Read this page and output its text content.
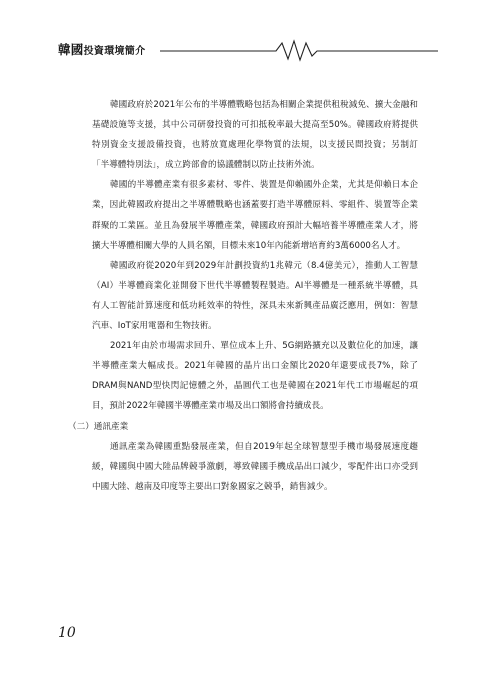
韓國投資環境簡介

韓國政府於2021年公布的半導體戰略包括為相關企業提供租稅減免、擴大金融和基礎設施等支援，其中公司研發投資的可扣抵稅率最大提高至50%。韓國政府將提供特別資金支援設備投資，也將放寬處理化學物質的法規，以支援民間投資；另制訂「半導體特別法」，成立跨部會的協議體制以防止技術外流。

韓國的半導體產業有很多素材、零件、裝置是仰賴國外企業，尤其是仰賴日本企業，因此韓國政府提出之半導體戰略也涵蓋要打造半導體原料、零組件、裝置等企業群聚的工業區。並且為發展半導體產業，韓國政府預計大幅培養半導體產業人才，將擴大半導體相關大學的人員名額，目標未來10年內能新增培育約3萬6000名人才。

韓國政府從2020年到2029年計劃投資約1兆韓元（8.4億美元），推動人工智慧（AI）半導體商業化並開發下世代半導體製程製造。AI半導體是一種系統半導體，具有人工智能計算速度和低功耗效率的特性，深具未來新興產品廣泛應用，例如：智慧汽車、IoT家用電器和生物技術。

2021年由於市場需求回升、單位成本上升、5G網路擴充以及數位化的加速，讓半導體產業大幅成長。2021年韓國的晶片出口金額比2020年還要成長7%，除了DRAM與NAND型快閃記憶體之外，晶圓代工也是韓國在2021年代工市場崛起的項目，預計2022年韓國半導體產業市場及出口額將會持續成長。

（二）通訊產業

通訊產業為韓國重點發展產業，但自2019年起全球智慧型手機市場發展速度趨緩，韓國與中國大陸品牌競爭激劇，導致韓國手機成品出口減少，零配件出口亦受到中國大陸、越南及印度等主要出口對象國家之競爭，銷售減少。

10
